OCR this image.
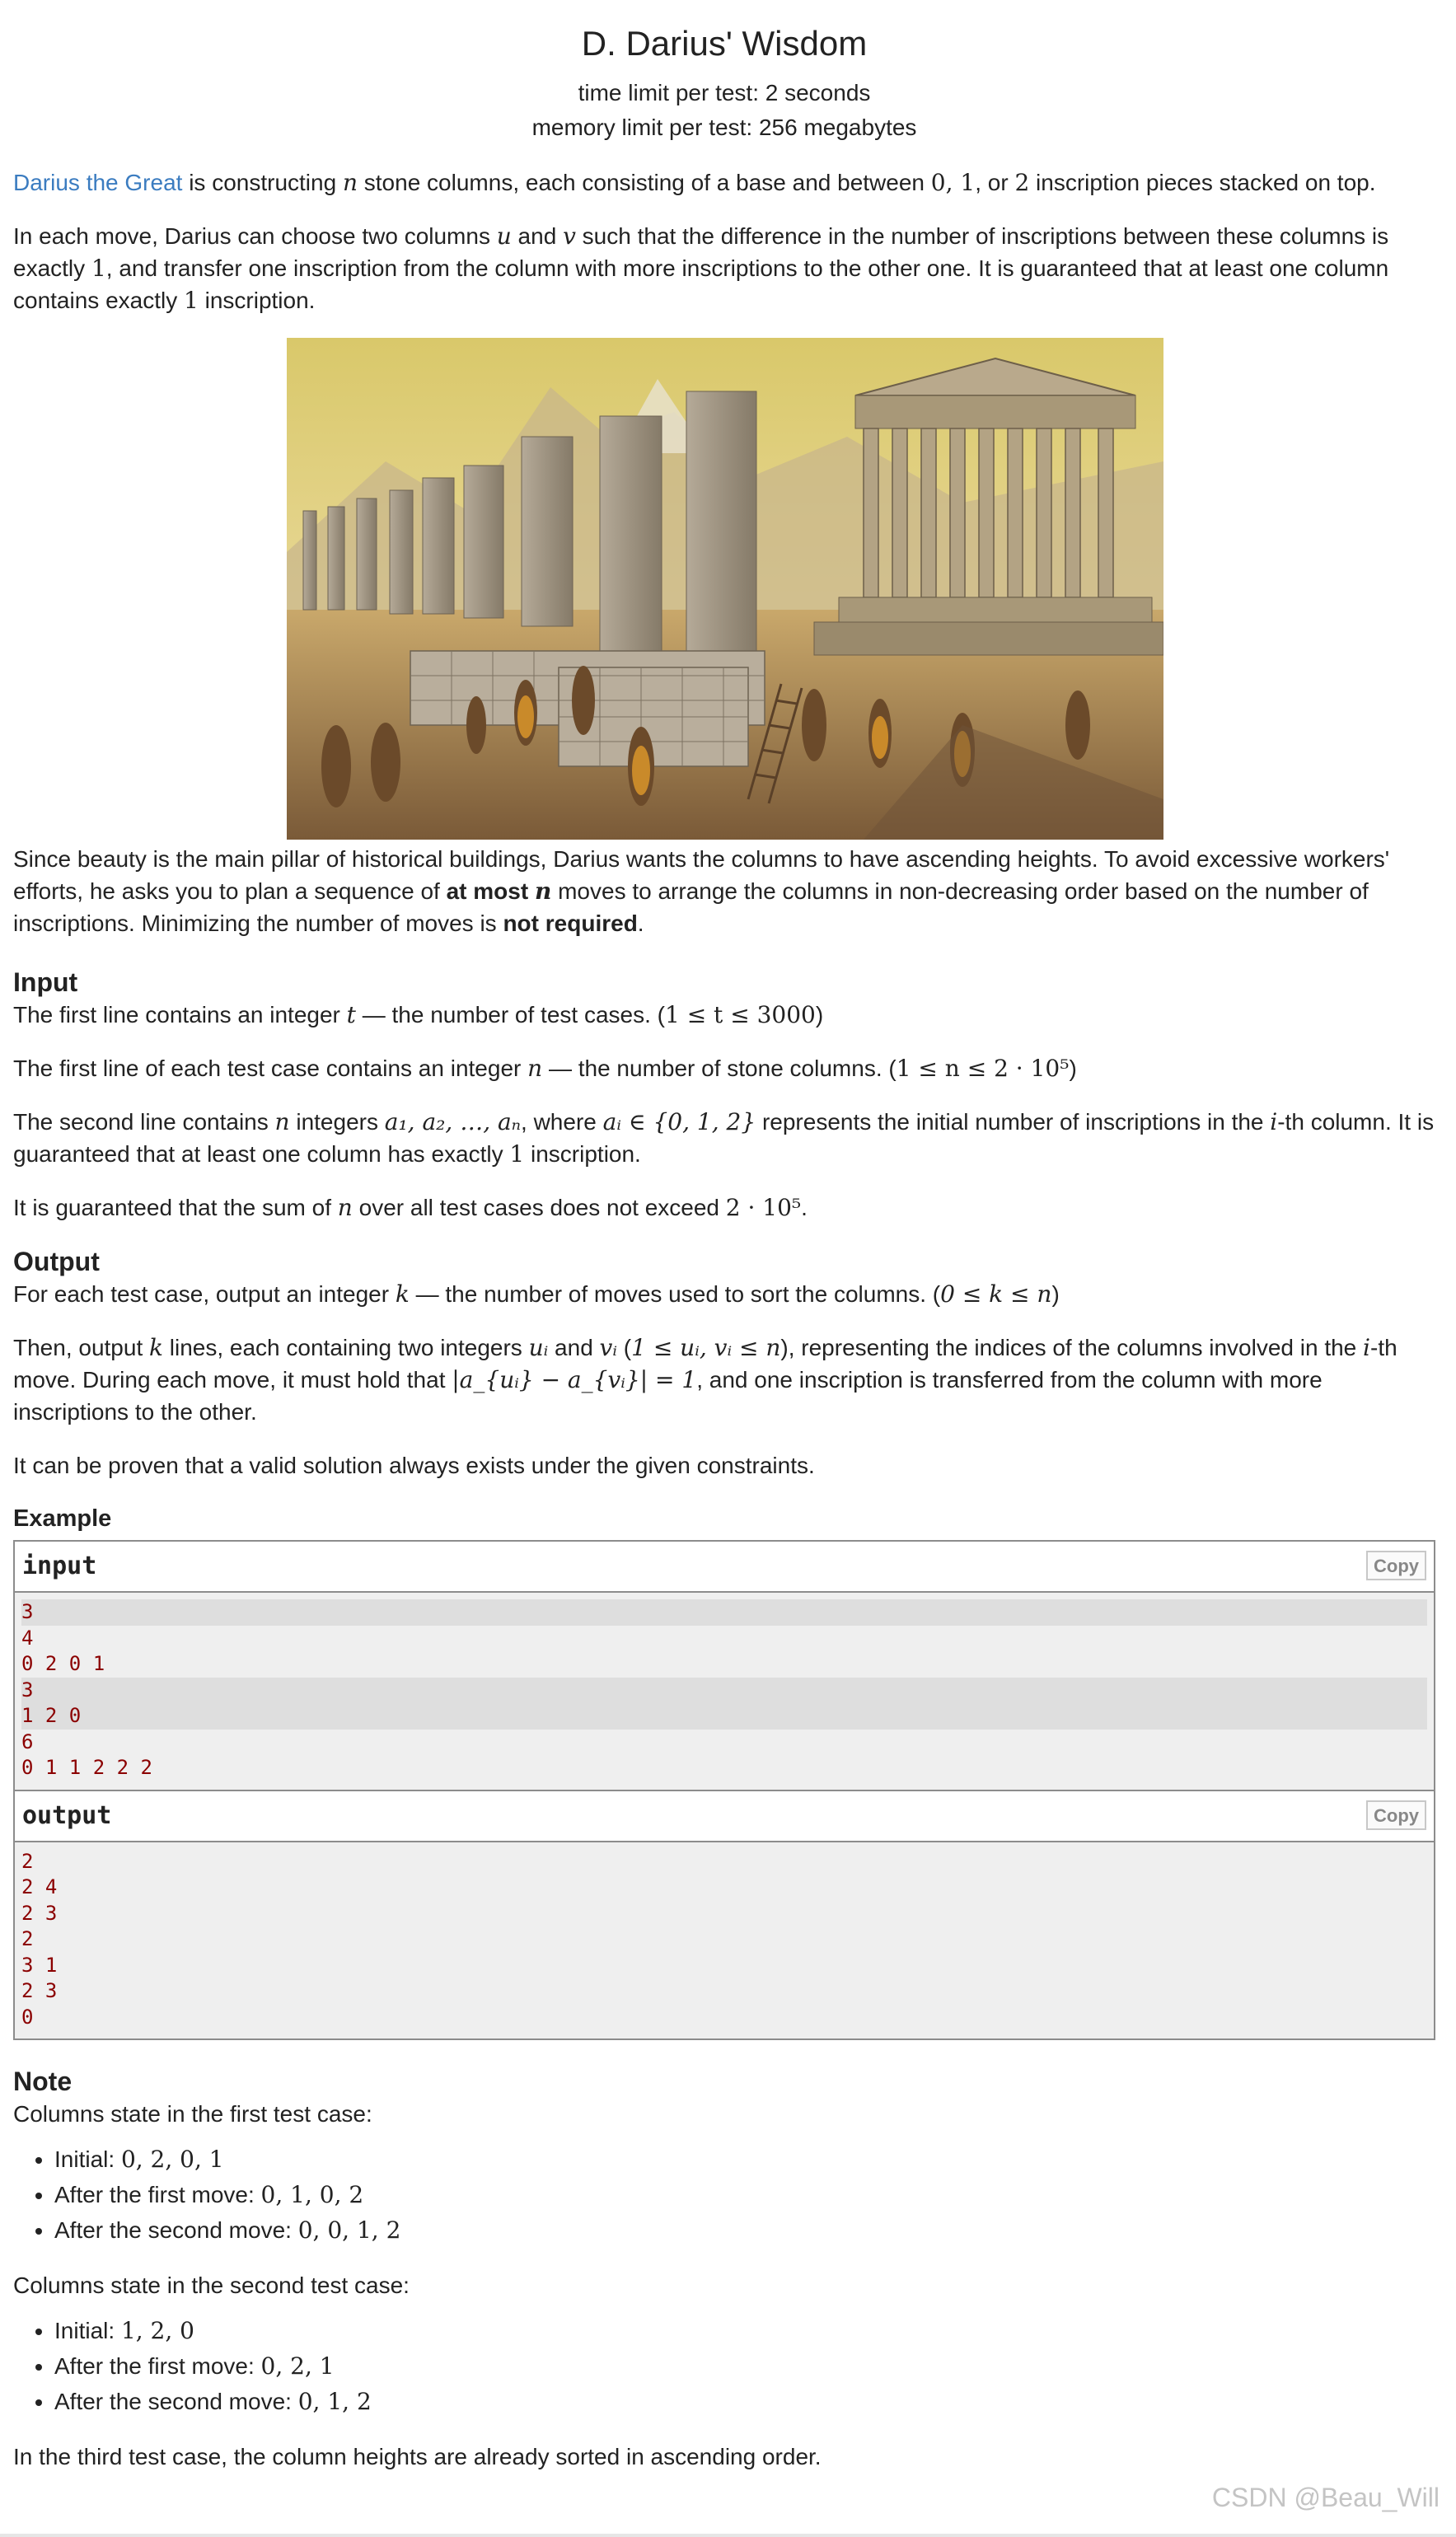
D. Darius' Wisdom
time limit per test: 2 seconds
memory limit per test: 256 megabytes

Darius the Great is constructing n stone columns, each consisting of a base and between 0, 1, or 2 inscription pieces stacked on top.

In each move, Darius can choose two columns u and v such that the difference in the number of inscriptions between these columns is exactly 1, and transfer one inscription from the column with more inscriptions to the other one. It is guaranteed that at least one column contains exactly 1 inscription.

Since beauty is the main pillar of historical buildings, Darius wants the columns to have ascending heights. To avoid excessive workers' efforts, he asks you to plan a sequence of at most n moves to arrange the columns in non-decreasing order based on the number of inscriptions. Minimizing the number of moves is not required.

Input

The first line contains an integer t — the number of test cases. (1 ≤ t ≤ 3000)

The first line of each test case contains an integer n — the number of stone columns. (1 ≤ n ≤ 2 · 10⁵)

The second line contains n integers a₁, a₂, …, aₙ, where aᵢ ∈ {0, 1, 2} represents the initial number of inscriptions in the i-th column. It is guaranteed that at least one column has exactly 1 inscription.

It is guaranteed that the sum of n over all test cases does not exceed 2 · 10⁵.

Output

For each test case, output an integer k — the number of moves used to sort the columns. (0 ≤ k ≤ n)

Then, output k lines, each containing two integers uᵢ and vᵢ (1 ≤ uᵢ, vᵢ ≤ n), representing the indices of the columns involved in the i-th move. During each move, it must hold that |a_{uᵢ} − a_{vᵢ}| = 1, and one inscription is transferred from the column with more inscriptions to the other.

It can be proven that a valid solution always exists under the given constraints.

Example
input	Copy
3
4
0 2 0 1
3
1 2 0
6
0 1 1 2 2 2
output	Copy
2
2 4
2 3
2
3 1
2 3
0
Note

Columns state in the first test case:

• Initial: 0, 2, 0, 1
• After the first move: 0, 1, 0, 2
• After the second move: 0, 0, 1, 2

Columns state in the second test case:

• Initial: 1, 2, 0
• After the first move: 0, 2, 1
• After the second move: 0, 1, 2

In the third test case, the column heights are already sorted in ascending order.

CSDN @Beau_Will
